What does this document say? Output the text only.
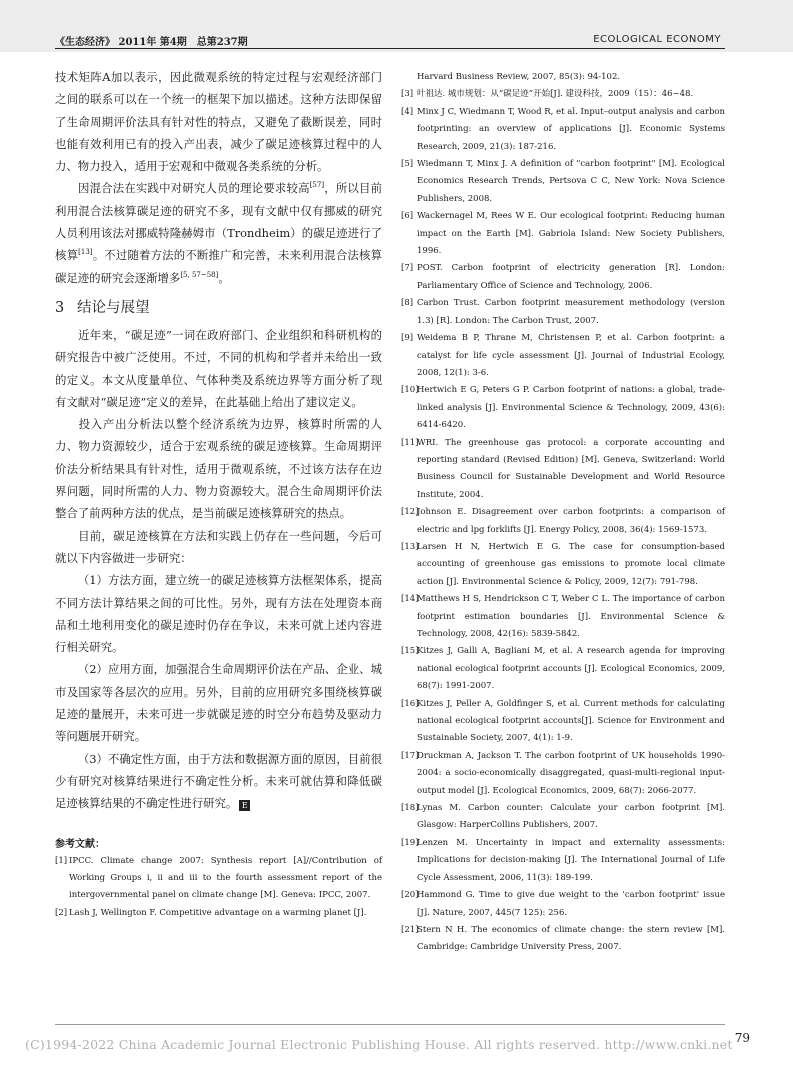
《生态经济》 2011年 第4期　总第237期	ECOLOGICAL ECONOMY

技术矩阵A加以表示，因此微观系统的特定过程与宏观经济部门之间的联系可以在一个统一的框架下加以描述。这种方法即保留了生命周期评价法具有针对性的特点，又避免了截断误差，同时也能有效利用已有的投入产出表，减少了碳足迹核算过程中的人力、物力投入，适用于宏观和中微观各类系统的分析。

因混合法在实践中对研究人员的理论要求较高[57]，所以目前利用混合法核算碳足迹的研究不多，现有文献中仅有挪威的研究人员利用该法对挪威特隆赫姆市（Trondheim）的碳足迹进行了核算[13]。不过随着方法的不断推广和完善，未来利用混合法核算碳足迹的研究会逐渐增多[5, 57~58]。

3 结论与展望

近年来，“碳足迹”一词在政府部门、企业组织和科研机构的研究报告中被广泛使用。不过，不同的机构和学者并未给出一致的定义。本文从度量单位、气体种类及系统边界等方面分析了现有文献对“碳足迹”定义的差异，在此基础上给出了建议定义。

投入产出分析法以整个经济系统为边界，核算时所需的人力、物力资源较少，适合于宏观系统的碳足迹核算。生命周期评价法分析结果具有针对性，适用于微观系统，不过该方法存在边界问题，同时所需的人力、物力资源较大。混合生命周期评价法整合了前两种方法的优点，是当前碳足迹核算研究的热点。

目前，碳足迹核算在方法和实践上仍存在一些问题，今后可就以下内容做进一步研究：

（1）方法方面，建立统一的碳足迹核算方法框架体系，提高不同方法计算结果之间的可比性。另外，现有方法在处理资本商品和土地利用变化的碳足迹时仍存在争议，未来可就上述内容进行相关研究。

（2）应用方面，加强混合生命周期评价法在产品、企业、城市及国家等各层次的应用。另外，目前的应用研究多围绕核算碳足迹的量展开，未来可进一步就碳足迹的时空分布趋势及驱动力等问题展开研究。

（3）不确定性方面，由于方法和数据源方面的原因，目前很少有研究对核算结果进行不确定性分析。未来可就估算和降低碳足迹核算结果的不确定性进行研究。 E

参考文献：

[1] IPCC. Climate change 2007: Synthesis report [A]//Contribution of Working Groups i, ii and iii to the fourth assessment report of the intergovernmental panel on climate change [M]. Geneva: IPCC, 2007.

[2] Lash J, Wellington F. Competitive advantage on a warming planet [J].

Harvard Business Review, 2007, 85(3): 94-102.

[3] 叶祖达. 城市规划：从“碳足迹”开始[J]. 建设科技，2009（15）：46~48.

[4] Minx J C, Wiedmann T, Wood R, et al. Input–output analysis and carbon footprinting: an overview of applications [J]. Economic Systems Research, 2009, 21(3): 187-216.

[5] Wiedmann T, Minx J. A definition of "carbon footprint" [M]. Ecological Economics Research Trends, Pertsova C C, New York: Nova Science Publishers, 2008.

[6] Wackernagel M, Rees W E. Our ecological footprint: Reducing human impact on the Earth [M]. Gabriola Island: New Society Publishers, 1996.

[7] POST. Carbon footprint of electricity generation [R]. London: Parliamentary Office of Science and Technology, 2006.

[8] Carbon Trust. Carbon footprint measurement methodology (version 1.3) [R]. London: The Carbon Trust, 2007.

[9] Weidema B P, Thrane M, Christensen P, et al. Carbon footprint: a catalyst for life cycle assessment [J]. Journal of Industrial Ecology, 2008, 12(1): 3-6.

[10]
Hertwich E G, Peters G P. Carbon footprint of nations: a global, trade-linked analysis [J]. Environmental Science & Technology, 2009, 43(6): 6414-6420.

[11]
WRI. The greenhouse gas protocol: a corporate accounting and reporting standard (Revised Edition) [M]. Geneva, Switzerland: World Business Council for Sustainable Development and World Resource Institute, 2004.

[12]
Johnson E. Disagreement over carbon footprints: a comparison of electric and lpg forklifts [J]. Energy Policy, 2008, 36(4): 1569-1573.

[13]
Larsen H N, Hertwich E G. The case for consumption-based accounting of greenhouse gas emissions to promote local climate action [J]. Environmental Science & Policy, 2009, 12(7): 791-798.

[14]
Matthews H S, Hendrickson C T, Weber C L. The importance of carbon footprint estimation boundaries [J]. Environmental Science & Technology, 2008, 42(16): 5839-5842.

[15]
Kitzes J, Galli A, Bagliani M, et al. A research agenda for improving national ecological footprint accounts [J]. Ecological Economics, 2009, 68(7): 1991-2007.

[16]
Kitzes J, Peller A, Goldfinger S, et al. Current methods for calculating national ecological footprint accounts[J]. Science for Environment and Sustainable Society, 2007, 4(1): 1-9.

[17]
Druckman A, Jackson T. The carbon footprint of UK households 1990-2004: a socio-economically disaggregated, quasi-multi-regional input-output model [J]. Ecological Economics, 2009, 68(7): 2066-2077.

[18]
Lynas M. Carbon counter: Calculate your carbon footprint [M]. Glasgow: HarperCollins Publishers, 2007.

[19]
Lenzen M. Uncertainty in impact and externality assessments: Implications for decision-making [J]. The International Journal of Life Cycle Assessment, 2006, 11(3): 189-199.

[20]
Hammond G. Time to give due weight to the 'carbon footprint' issue [J]. Nature, 2007, 445(7 125): 256.

[21]
Stern N H. The economics of climate change: the stern review [M]. Cambridge: Cambridge University Press, 2007.

(C)1994-2022 China Academic Journal Electronic Publishing House. All rights reserved. http://www.cnki.net 79
